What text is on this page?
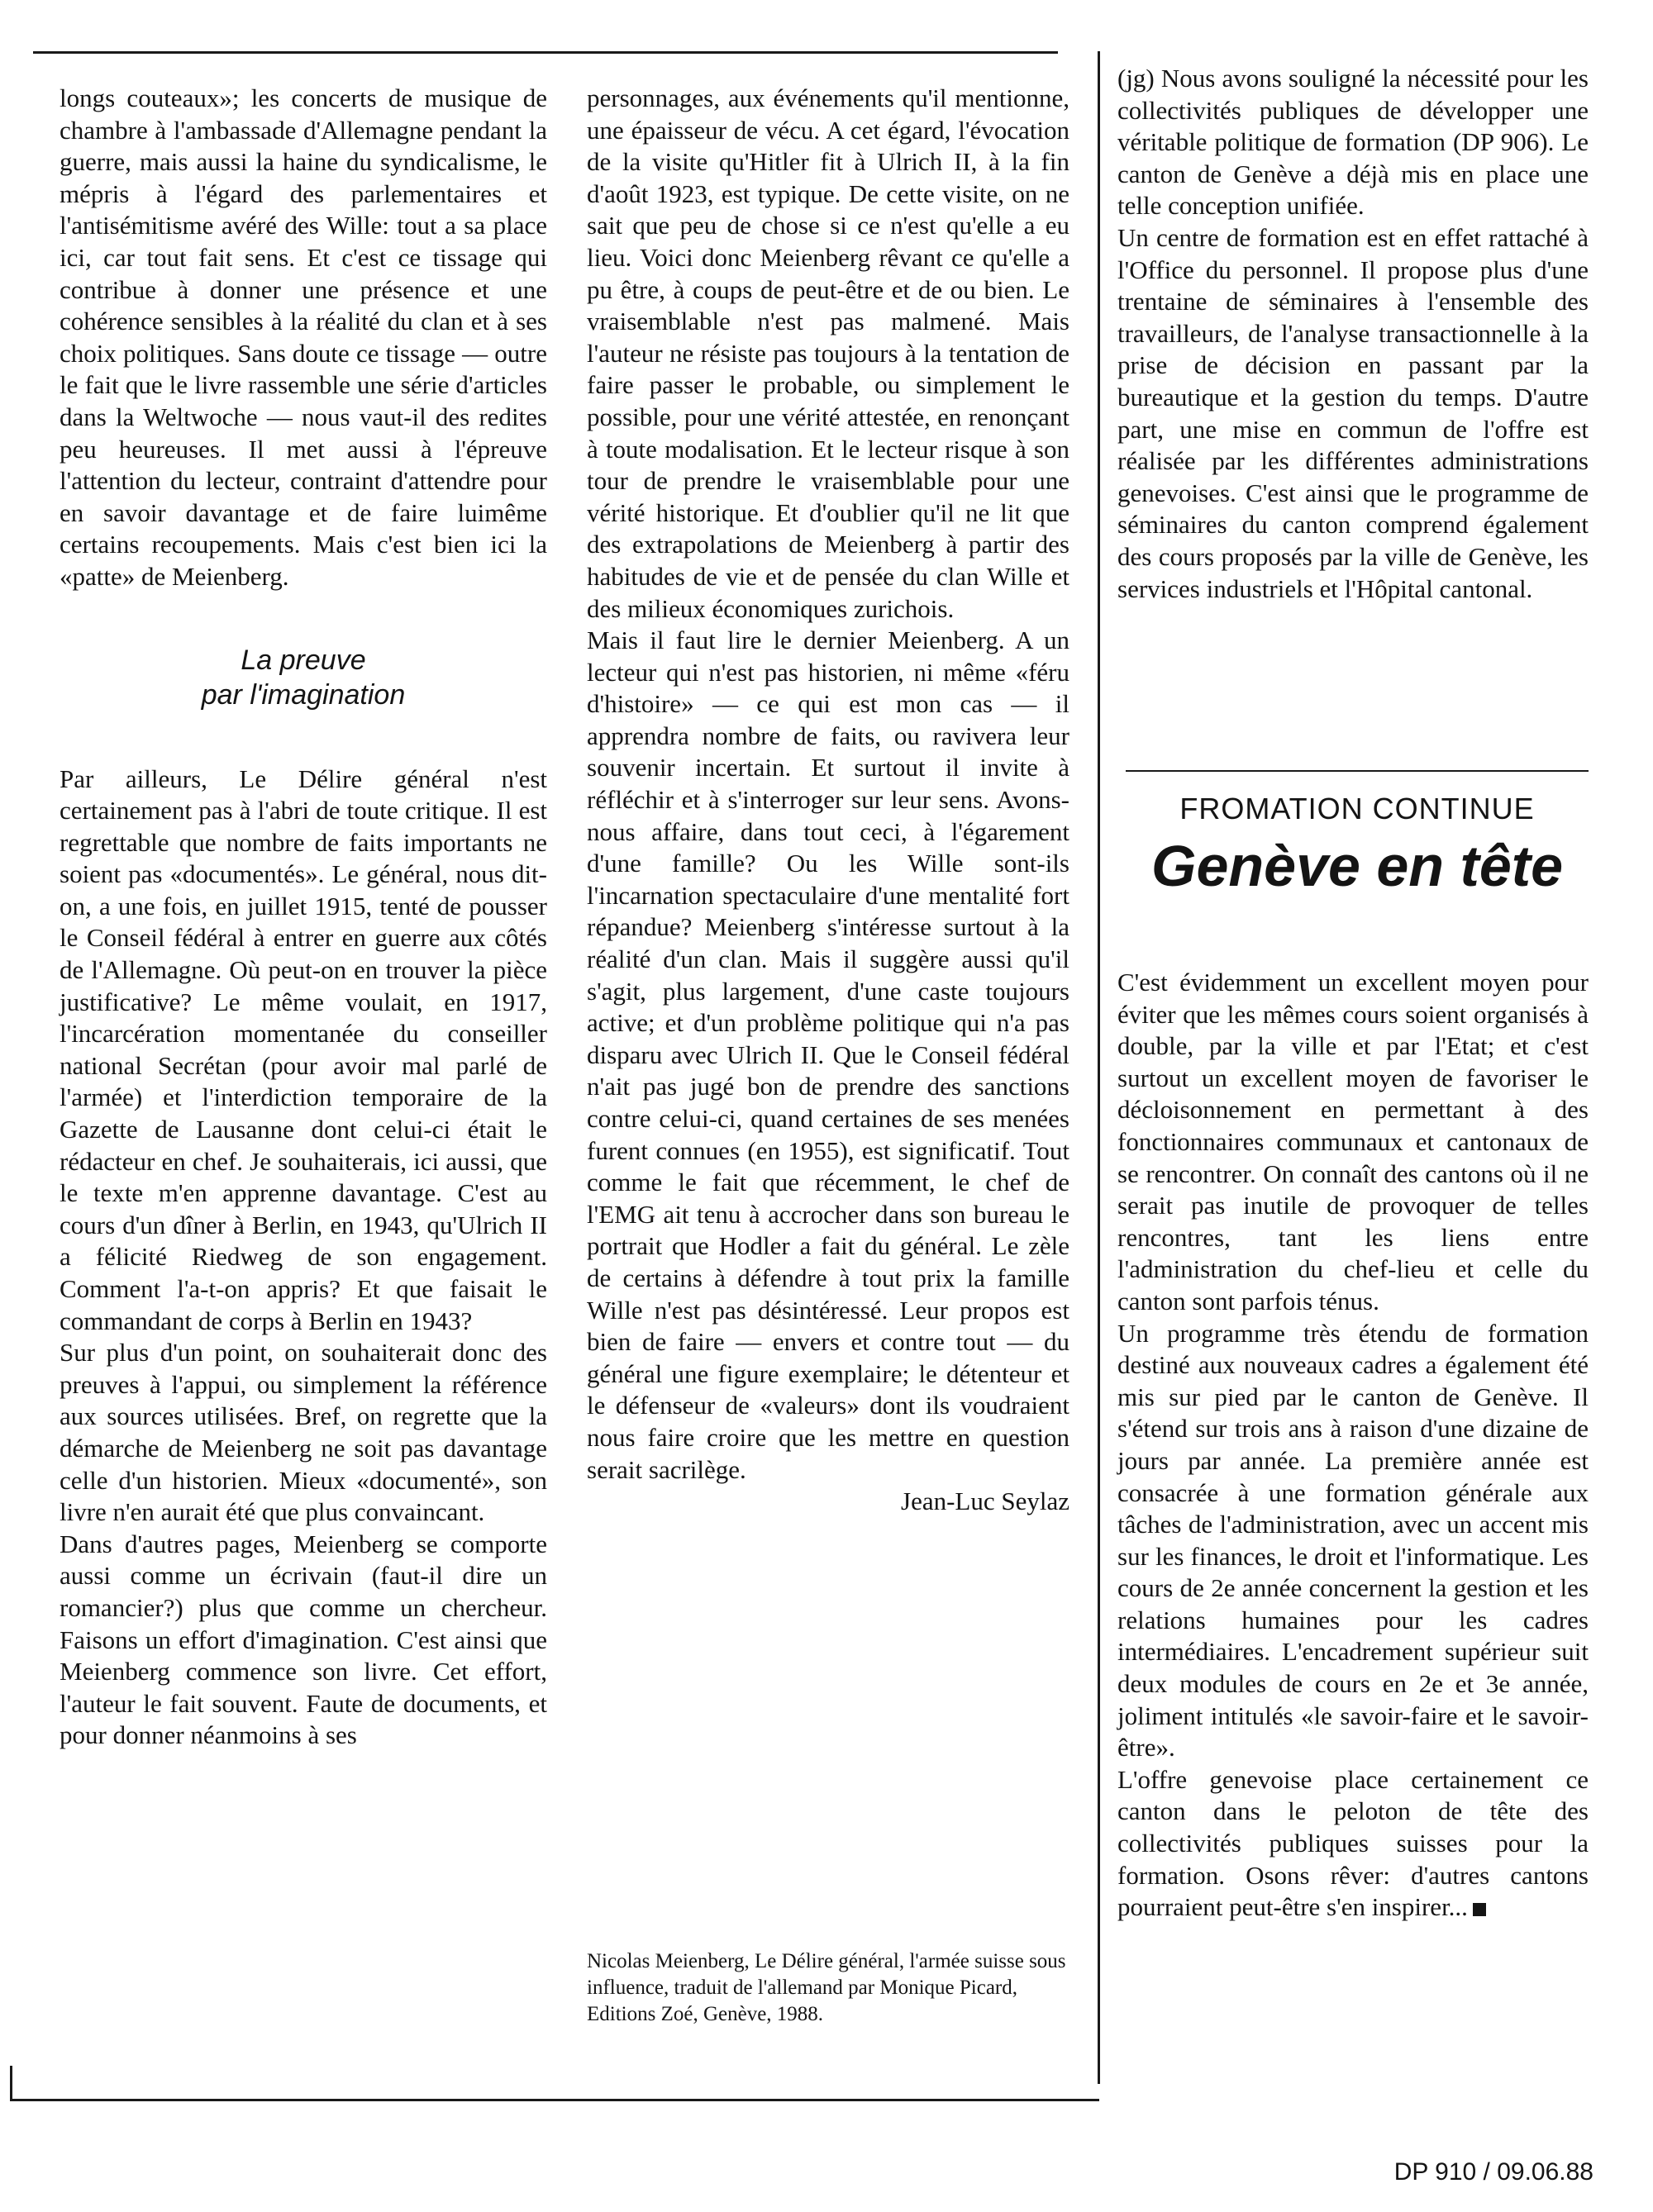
longs couteaux»; les concerts de musique de chambre à l'ambassade d'Allemagne pendant la guerre, mais aussi la haine du syndicalisme, le mépris à l'égard des parlementaires et l'antisémitisme avéré des Wille: tout a sa place ici, car tout fait sens. Et c'est ce tissage qui contribue à donner une présence et une cohérence sensibles à la réalité du clan et à ses choix politiques. Sans doute ce tissage — outre le fait que le livre rassemble une série d'articles dans la Weltwoche — nous vaut-il des redites peu heureuses. Il met aussi à l'épreuve l'attention du lecteur, contraint d'attendre pour en savoir davantage et de faire luimême certains recoupements. Mais c'est bien ici la «patte» de Meienberg.

La preuve
par l'imagination

Par ailleurs, Le Délire général n'est certainement pas à l'abri de toute critique. Il est regrettable que nombre de faits importants ne soient pas «documentés». Le général, nous dit-on, a une fois, en juillet 1915, tenté de pousser le Conseil fédéral à entrer en guerre aux côtés de l'Allemagne. Où peut-on en trouver la pièce justificative? Le même voulait, en 1917, l'incarcération momentanée du conseiller national Secrétan (pour avoir mal parlé de l'armée) et l'interdiction temporaire de la Gazette de Lausanne dont celui-ci était le rédacteur en chef. Je souhaiterais, ici aussi, que le texte m'en apprenne davantage. C'est au cours d'un dîner à Berlin, en 1943, qu'Ulrich II a félicité Riedweg de son engagement. Comment l'a-t-on appris? Et que faisait le commandant de corps à Berlin en 1943?

Sur plus d'un point, on souhaiterait donc des preuves à l'appui, ou simplement la référence aux sources utilisées. Bref, on regrette que la démarche de Meienberg ne soit pas davantage celle d'un historien. Mieux «documenté», son livre n'en aurait été que plus convaincant.

Dans d'autres pages, Meienberg se comporte aussi comme un écrivain (faut-il dire un romancier?) plus que comme un chercheur. Faisons un effort d'imagination. C'est ainsi que Meienberg commence son livre. Cet effort, l'auteur le fait souvent. Faute de documents, et pour donner néanmoins à ses

personnages, aux événements qu'il mentionne, une épaisseur de vécu. A cet égard, l'évocation de la visite qu'Hitler fit à Ulrich II, à la fin d'août 1923, est typique. De cette visite, on ne sait que peu de chose si ce n'est qu'elle a eu lieu. Voici donc Meienberg rêvant ce qu'elle a pu être, à coups de peut-être et de ou bien. Le vraisemblable n'est pas malmené. Mais l'auteur ne résiste pas toujours à la tentation de faire passer le probable, ou simplement le possible, pour une vérité attestée, en renonçant à toute modalisation. Et le lecteur risque à son tour de prendre le vraisemblable pour une vérité historique. Et d'oublier qu'il ne lit que des extrapolations de Meienberg à partir des habitudes de vie et de pensée du clan Wille et des milieux économiques zurichois.

Mais il faut lire le dernier Meienberg. A un lecteur qui n'est pas historien, ni même «féru d'histoire» — ce qui est mon cas — il apprendra nombre de faits, ou ravivera leur souvenir incertain. Et surtout il invite à réfléchir et à s'interroger sur leur sens. Avons-nous affaire, dans tout ceci, à l'égarement d'une famille? Ou les Wille sont-ils l'incarnation spectaculaire d'une mentalité fort répandue? Meienberg s'intéresse surtout à la réalité d'un clan. Mais il suggère aussi qu'il s'agit, plus largement, d'une caste toujours active; et d'un problème politique qui n'a pas disparu avec Ulrich II. Que le Conseil fédéral n'ait pas jugé bon de prendre des sanctions contre celui-ci, quand certaines de ses menées furent connues (en 1955), est significatif. Tout comme le fait que récemment, le chef de l'EMG ait tenu à accrocher dans son bureau le portrait que Hodler a fait du général. Le zèle de certains à défendre à tout prix la famille Wille n'est pas désintéressé. Leur propos est bien de faire — envers et contre tout — du général une figure exemplaire; le détenteur et le défenseur de «valeurs» dont ils voudraient nous faire croire que les mettre en question serait sacrilège.

Jean-Luc Seylaz

Nicolas Meienberg, Le Délire général, l'armée suisse sous influence, traduit de l'allemand par Monique Picard, Editions Zoé, Genève, 1988.

(jg) Nous avons souligné la nécessité pour les collectivités publiques de développer une véritable politique de formation (DP 906). Le canton de Genève a déjà mis en place une telle conception unifiée.

Un centre de formation est en effet rattaché à l'Office du personnel. Il propose plus d'une trentaine de séminaires à l'ensemble des travailleurs, de l'analyse transactionnelle à la prise de décision en passant par la bureautique et la gestion du temps. D'autre part, une mise en commun de l'offre est réalisée par les différentes administrations genevoises. C'est ainsi que le programme de séminaires du canton comprend également des cours proposés par la ville de Genève, les services industriels et l'Hôpital cantonal.

FROMATION CONTINUE
Genève en tête

C'est évidemment un excellent moyen pour éviter que les mêmes cours soient organisés à double, par la ville et par l'Etat; et c'est surtout un excellent moyen de favoriser le décloisonnement en permettant à des fonctionnaires communaux et cantonaux de se rencontrer. On connaît des cantons où il ne serait pas inutile de provoquer de telles rencontres, tant les liens entre l'administration du chef-lieu et celle du canton sont parfois ténus.

Un programme très étendu de formation destiné aux nouveaux cadres a également été mis sur pied par le canton de Genève. Il s'étend sur trois ans à raison d'une dizaine de jours par année. La première année est consacrée à une formation générale aux tâches de l'administration, avec un accent mis sur les finances, le droit et l'informatique. Les cours de 2e année concernent la gestion et les relations humaines pour les cadres intermédiaires. L'encadrement supérieur suit deux modules de cours en 2e et 3e année, joliment intitulés «le savoir-faire et le savoir-être».

L'offre genevoise place certainement ce canton dans le peloton de tête des collectivités publiques suisses pour la formation. Osons rêver: d'autres cantons pourraient peut-être s'en inspirer...

DP 910 / 09.06.88
